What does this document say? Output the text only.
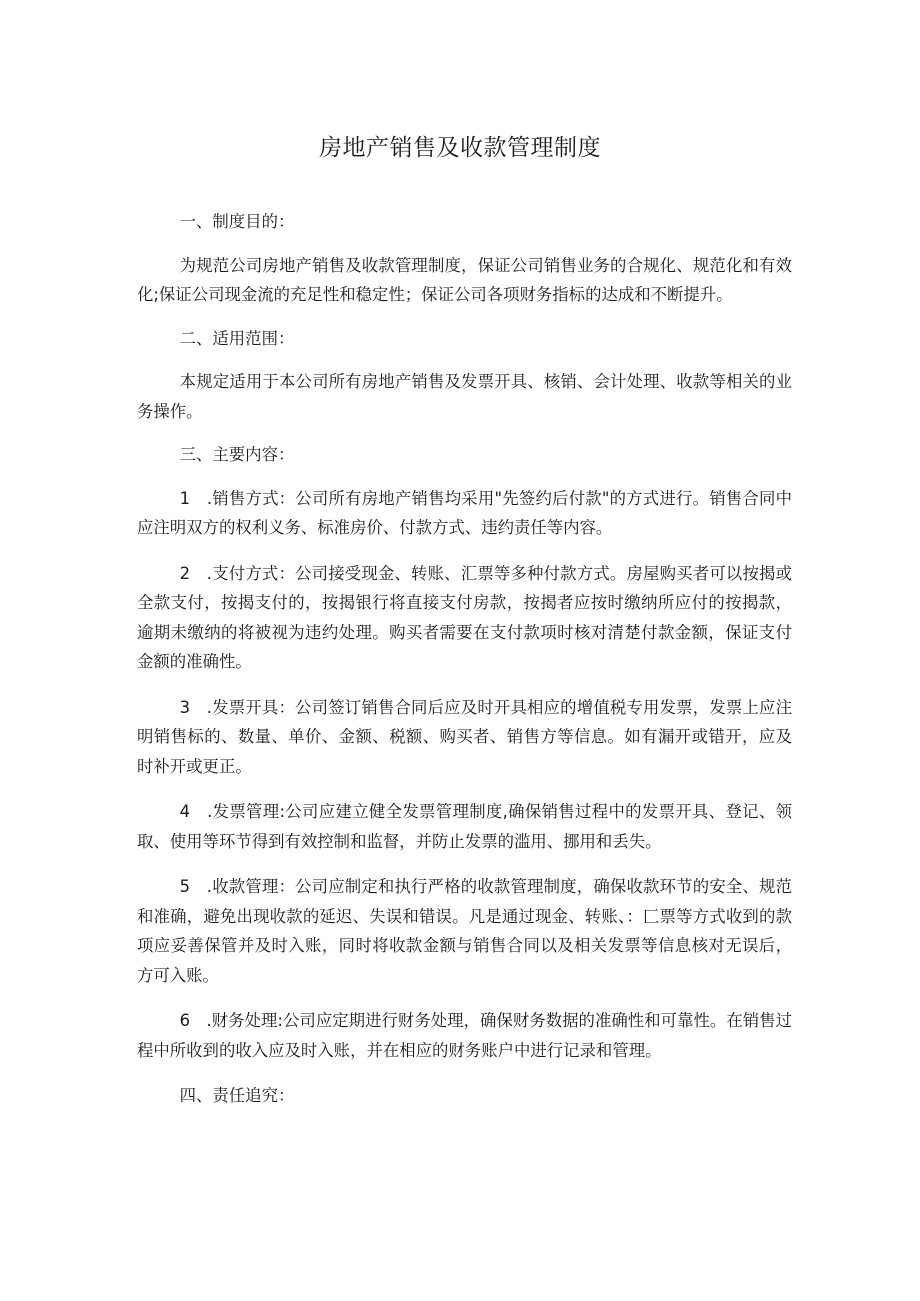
房地产销售及收款管理制度

一、制度目的：

为规范公司房地产销售及收款管理制度，保证公司销售业务的合规化、规范化和有效化;保证公司现金流的充足性和稳定性；保证公司各项财务指标的达成和不断提升。

二、适用范围：

本规定适用于本公司所有房地产销售及发票开具、核销、会计处理、收款等相关的业务操作。

三、主要内容：

1　.销售方式：公司所有房地产销售均采用"先签约后付款"的方式进行。销售合同中应注明双方的权利义务、标准房价、付款方式、违约责任等内容。

2　.支付方式：公司接受现金、转账、汇票等多种付款方式。房屋购买者可以按揭或全款支付，按揭支付的，按揭银行将直接支付房款，按揭者应按时缴纳所应付的按揭款，逾期未缴纳的将被视为违约处理。购买者需要在支付款项时核对清楚付款金额，保证支付金额的准确性。

3　.发票开具：公司签订销售合同后应及时开具相应的增值税专用发票，发票上应注明销售标的、数量、单价、金额、税额、购买者、销售方等信息。如有漏开或错开，应及时补开或更正。

4　.发票管理:公司应建立健全发票管理制度,确保销售过程中的发票开具、登记、领取、使用等环节得到有效控制和监督，并防止发票的滥用、挪用和丢失。

5　.收款管理：公司应制定和执行严格的收款管理制度，确保收款环节的安全、规范和准确，避免出现收款的延迟、失误和错误。凡是通过现金、转账、：匚票等方式收到的款项应妥善保管并及时入账，同时将收款金额与销售合同以及相关发票等信息核对无误后，方可入账。

6　.财务处理:公司应定期进行财务处理，确保财务数据的准确性和可靠性。在销售过程中所收到的收入应及时入账，并在相应的财务账户中进行记录和管理。

四、责任追究：
